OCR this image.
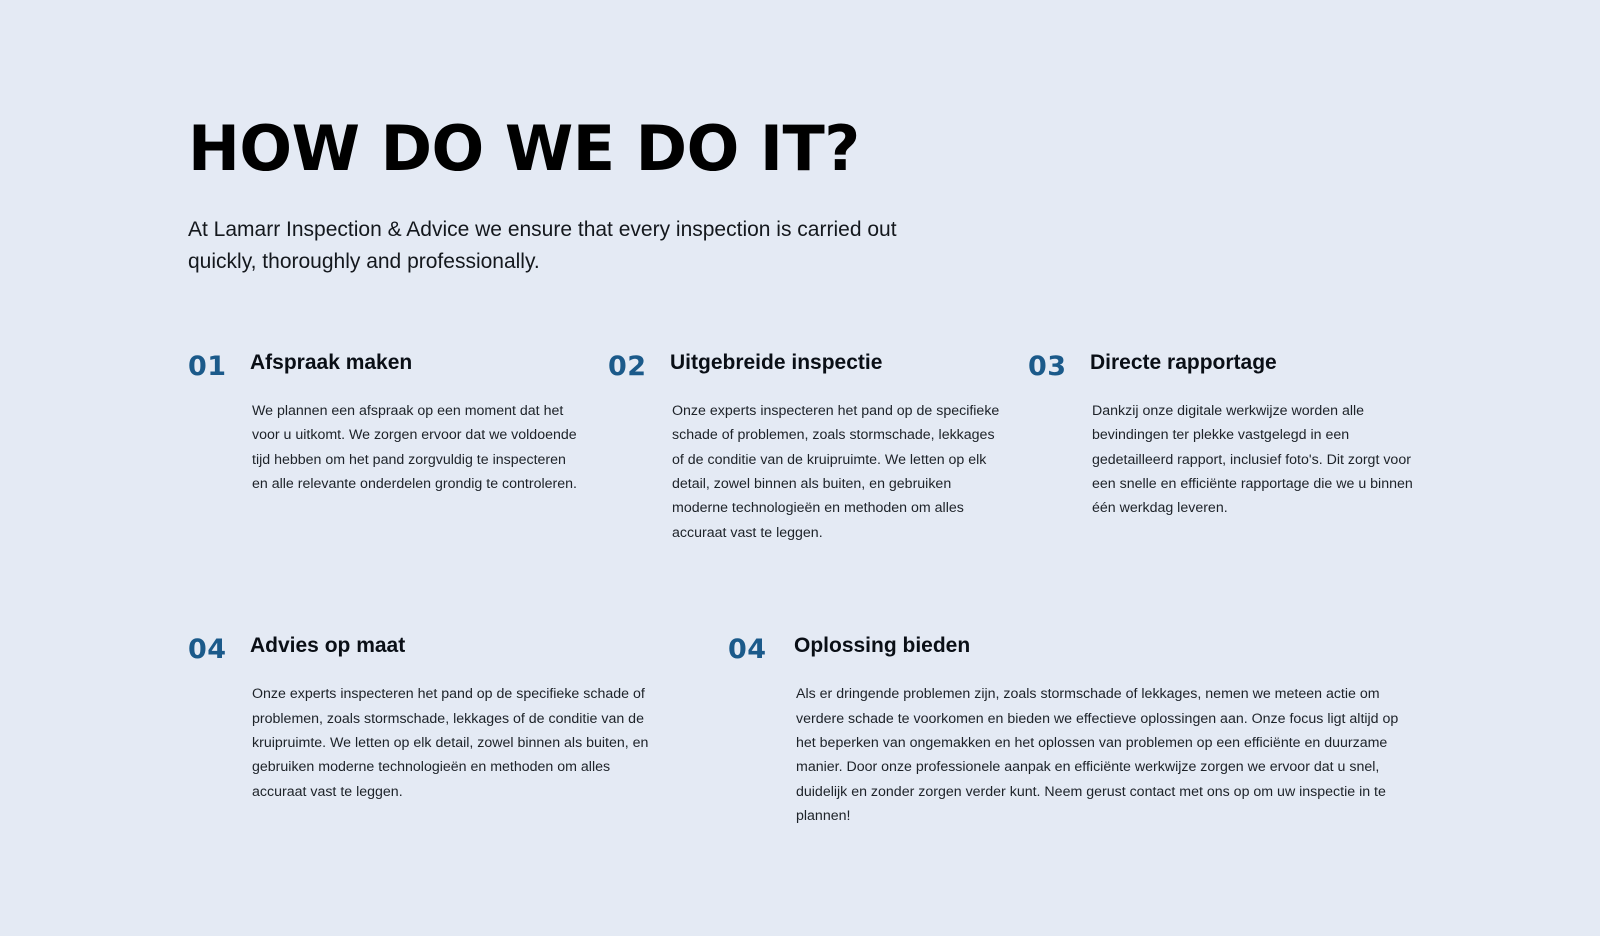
HOW DO WE DO IT?

At Lamarr Inspection & Advice we ensure that every inspection is carried out quickly, thoroughly and professionally.

01	Afspraak maken

We plannen een afspraak op een moment dat het voor u uitkomt. We zorgen ervoor dat we voldoende tijd hebben om het pand zorgvuldig te inspecteren en alle relevante onderdelen grondig te controleren.

02	Uitgebreide inspectie

Onze experts inspecteren het pand op de specifieke schade of problemen, zoals stormschade, lekkages of de conditie van de kruipruimte. We letten op elk detail, zowel binnen als buiten, en gebruiken moderne technologieën en methoden om alles accuraat vast te leggen.

03	Directe rapportage

Dankzij onze digitale werkwijze worden alle bevindingen ter plekke vastgelegd in een gedetailleerd rapport, inclusief foto's. Dit zorgt voor een snelle en efficiënte rapportage die we u binnen één werkdag leveren.

04	Advies op maat

Onze experts inspecteren het pand op de specifieke schade of problemen, zoals stormschade, lekkages of de conditie van de kruipruimte. We letten op elk detail, zowel binnen als buiten, en gebruiken moderne technologieën en methoden om alles accuraat vast te leggen.

04	Oplossing bieden

Als er dringende problemen zijn, zoals stormschade of lekkages, nemen we meteen actie om verdere schade te voorkomen en bieden we effectieve oplossingen aan. Onze focus ligt altijd op het beperken van ongemakken en het oplossen van problemen op een efficiënte en duurzame manier. Door onze professionele aanpak en efficiënte werkwijze zorgen we ervoor dat u snel, duidelijk en zonder zorgen verder kunt. Neem gerust contact met ons op om uw inspectie in te plannen!
